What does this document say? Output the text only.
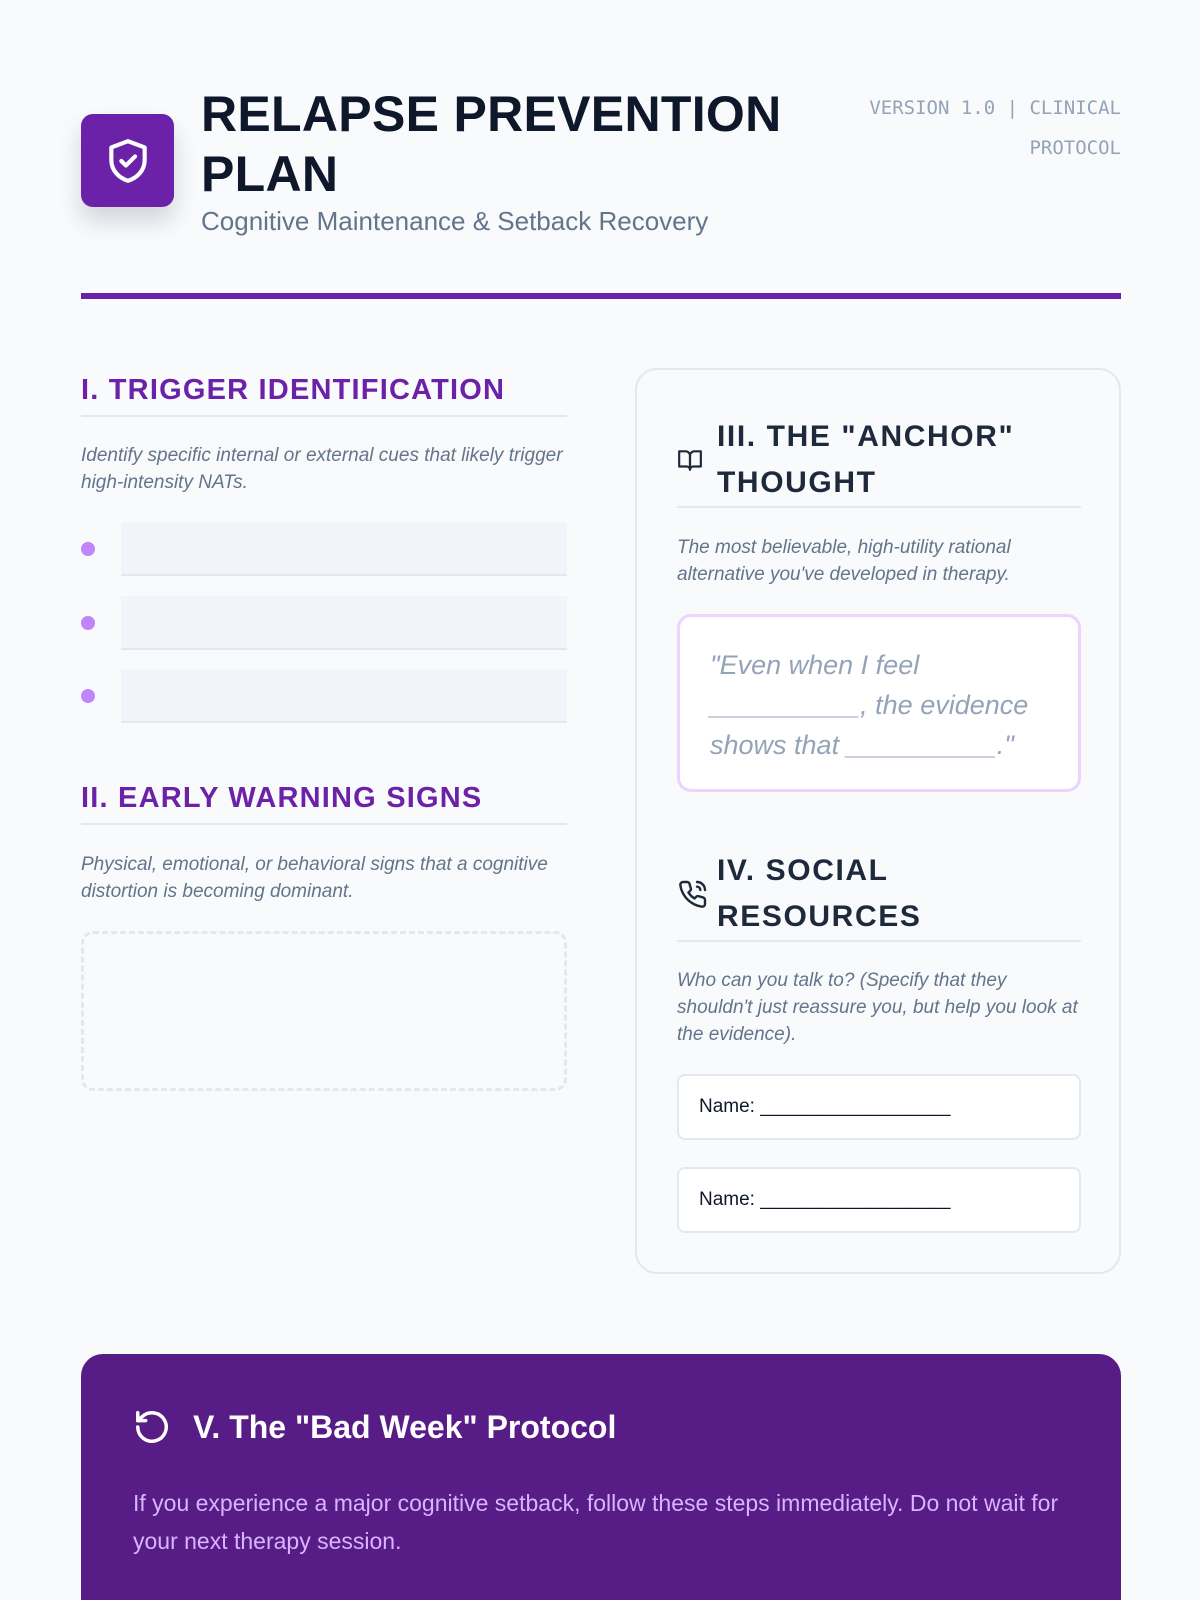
RELAPSE PREVENTION PLAN
Cognitive Maintenance & Setback Recovery
VERSION 1.0 | CLINICAL PROTOCOL
I. TRIGGER IDENTIFICATION

Identify specific internal or external cues that likely trigger high-intensity NATs.

II. EARLY WARNING SIGNS

Physical, emotional, or behavioral signs that a cognitive distortion is becoming dominant.

III. THE "ANCHOR" THOUGHT

The most believable, high-utility rational alternative you've developed in therapy.

"Even when I feel __________, the evidence shows that __________."
IV. SOCIAL RESOURCES

Who can you talk to? (Specify that they shouldn't just reassure you, but help you look at the evidence).

Name: __________________
Name: __________________
V. The "Bad Week" Protocol

If you experience a major cognitive setback, follow these steps immediately. Do not wait for your next therapy session.
